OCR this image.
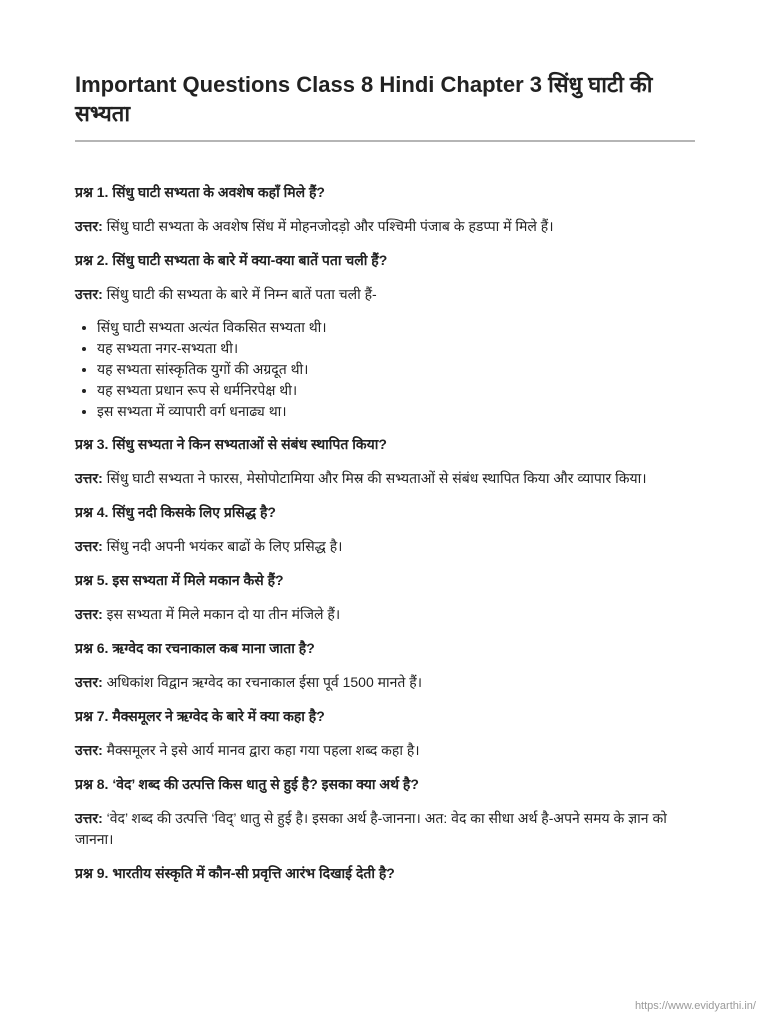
Important Questions Class 8 Hindi Chapter 3 सिंधु घाटी की सभ्यता

प्रश्न 1. सिंधु घाटी सभ्यता के अवशेष कहाँ मिले हैं?

उत्तर: सिंधु घाटी सभ्यता के अवशेष सिंध में मोहनजोदड़ो और पश्चिमी पंजाब के हडप्पा में मिले हैं।

प्रश्न 2. सिंधु घाटी सभ्यता के बारे में क्या-क्या बातें पता चली हैं?

उत्तर: सिंधु घाटी की सभ्यता के बारे में निम्न बातें पता चली हैं-

• सिंधु घाटी सभ्यता अत्यंत विकसित सभ्यता थी।
• यह सभ्यता नगर-सभ्यता थी।
• यह सभ्यता सांस्कृतिक युगों की अग्रदूत थी।
• यह सभ्यता प्रधान रूप से धर्मनिरपेक्ष थी।
• इस सभ्यता में व्यापारी वर्ग धनाढ्य था।

प्रश्न 3. सिंधु सभ्यता ने किन सभ्यताओं से संबंध स्थापित किया?

उत्तर: सिंधु घाटी सभ्यता ने फारस, मेसोपोटामिया और मिस्र की सभ्यताओं से संबंध स्थापित किया और व्यापार किया।

प्रश्न 4. सिंधु नदी किसके लिए प्रसिद्ध है?

उत्तर: सिंधु नदी अपनी भयंकर बाढों के लिए प्रसिद्ध है।

प्रश्न 5. इस सभ्यता में मिले मकान कैसे हैं?

उत्तर: इस सभ्यता में मिले मकान दो या तीन मंजिले हैं।

प्रश्न 6. ऋग्वेद का रचनाकाल कब माना जाता है?

उत्तर: अधिकांश विद्वान ऋग्वेद का रचनाकाल ईसा पूर्व 1500 मानते हैं।

प्रश्न 7. मैक्समूलर ने ऋग्वेद के बारे में क्या कहा है?

उत्तर: मैक्समूलर ने इसे आर्य मानव द्वारा कहा गया पहला शब्द कहा है।

प्रश्न 8. ‘वेद’ शब्द की उत्पत्ति किस धातु से हुई है? इसका क्या अर्थ है?

उत्तर: ‘वेद’ शब्द की उत्पत्ति ‘विद्’ धातु से हुई है। इसका अर्थ है-जानना। अत: वेद का सीधा अर्थ है-अपने समय के ज्ञान को जानना।

प्रश्न 9. भारतीय संस्कृति में कौन-सी प्रवृत्ति आरंभ दिखाई देती है?

https://www.evidyarthi.in/
